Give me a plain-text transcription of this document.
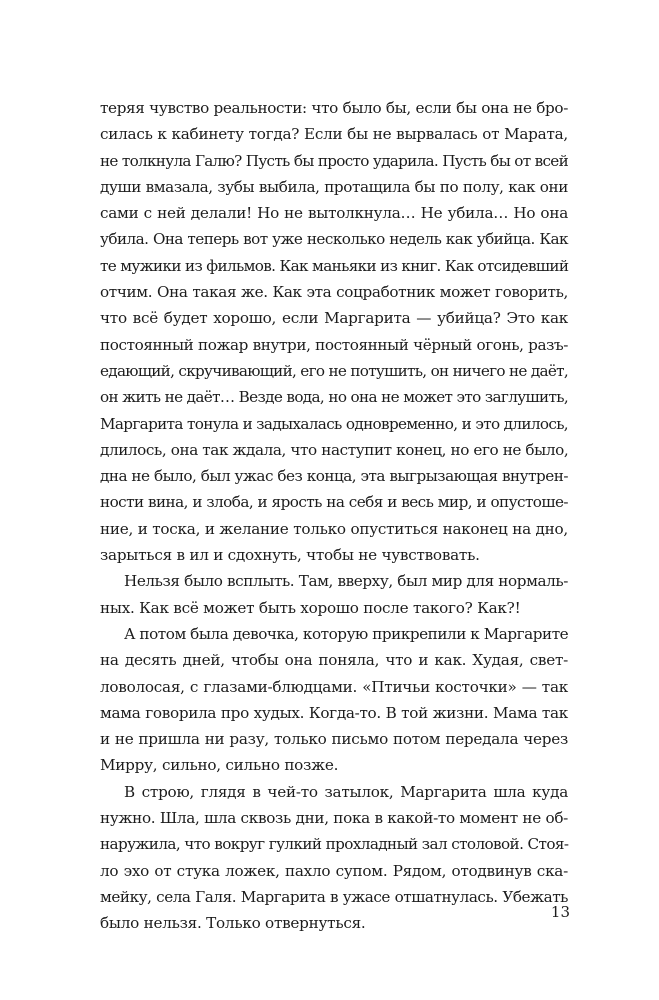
теряя чувство реальности: что было бы, если бы она не бро-
силась к кабинету тогда? Если бы не вырвалась от Марата,
не толкнула Галю? Пусть бы просто ударила. Пусть бы от всей
души вмазала, зубы выбила, протащила бы по полу, как они
сами с ней делали! Но не вытолкнула… Не убила… Но она
убила. Она теперь вот уже несколько недель как убийца. Как
те мужики из фильмов. Как маньяки из книг. Как отсидевший
отчим. Она такая же. Как эта соцработник может говорить,
что всё будет хорошо, если Маргарита — убийца? Это как
постоянный пожар внутри, постоянный чёрный огонь, разъ-
едающий, скручивающий, его не потушить, он ничего не даёт,
он жить не даёт… Везде вода, но она не может это заглушить,
Маргарита тонула и задыхалась одновременно, и это длилось,
длилось, она так ждала, что наступит конец, но его не было,
дна не было, был ужас без конца, эта выгрызающая внутрен-
ности вина, и злоба, и ярость на себя и весь мир, и опустоше-
ние, и тоска, и желание только опуститься наконец на дно,
зарыться в ил и сдохнуть, чтобы не чувствовать.
Нельзя было всплыть. Там, вверху, был мир для нормаль-
ных. Как всё может быть хорошо после такого? Как?!
А потом была девочка, которую прикрепили к Маргарите
на десять дней, чтобы она поняла, что и как. Худая, свет-
ловолосая, с глазами-блюдцами. «Птичьи косточки» — так
мама говорила про худых. Когда-то. В той жизни. Мама так
и не пришла ни разу, только письмо потом передала через
Мирру, сильно, сильно позже.
В строю, глядя в чей-то затылок, Маргарита шла куда
нужно. Шла, шла сквозь дни, пока в какой-то момент не об-
наружила, что вокруг гулкий прохладный зал столовой. Стоя-
ло эхо от стука ложек, пахло супом. Рядом, отодвинув ска-
мейку, села Галя. Маргарита в ужасе отшатнулась. Убежать
было нельзя. Только отвернуться.
13
